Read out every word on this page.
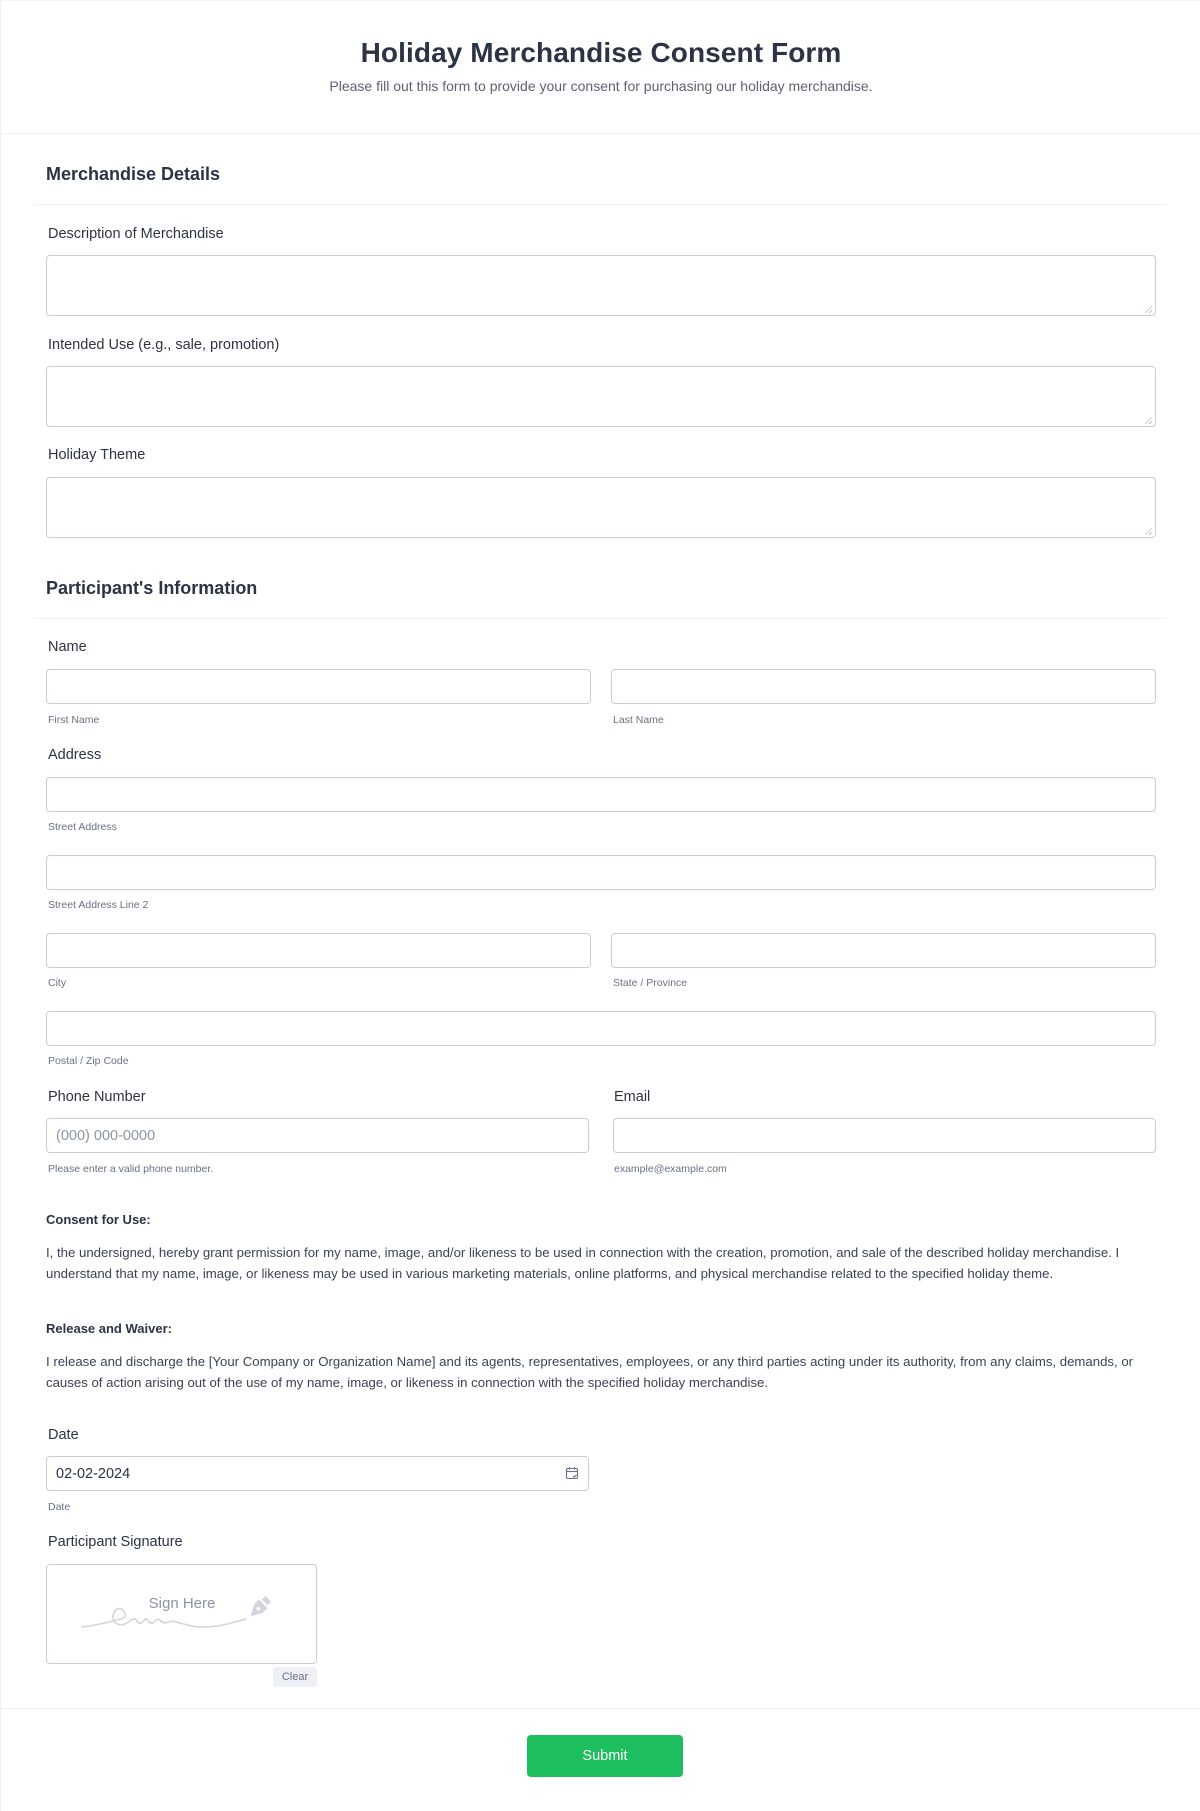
Holiday Merchandise Consent Form

Please fill out this form to provide your consent for purchasing our holiday merchandise.

Merchandise Details
Description of Merchandise
Intended Use (e.g., sale, promotion)
Holiday Theme
Participant's Information
Name
First Name	Last Name
Address
Street Address
Street Address Line 2
City	State / Province
Postal / Zip Code
Phone Number
(000) 000-0000
Please enter a valid phone number.
Email
example@example.com
Consent for Use:

I, the undersigned, hereby grant permission for my name, image, and/or likeness to be used in connection with the creation, promotion, and sale of the described holiday merchandise. I understand that my name, image, or likeness may be used in various marketing materials, online platforms, and physical merchandise related to the specified holiday theme.

Release and Waiver:

I release and discharge the [Your Company or Organization Name] and its agents, representatives, employees, or any third parties acting under its authority, from any claims, demands, or causes of action arising out of the use of my name, image, or likeness in connection with the specified holiday merchandise.

Date
02-02-2024
Date
Participant Signature
Sign Here
Clear
Submit
